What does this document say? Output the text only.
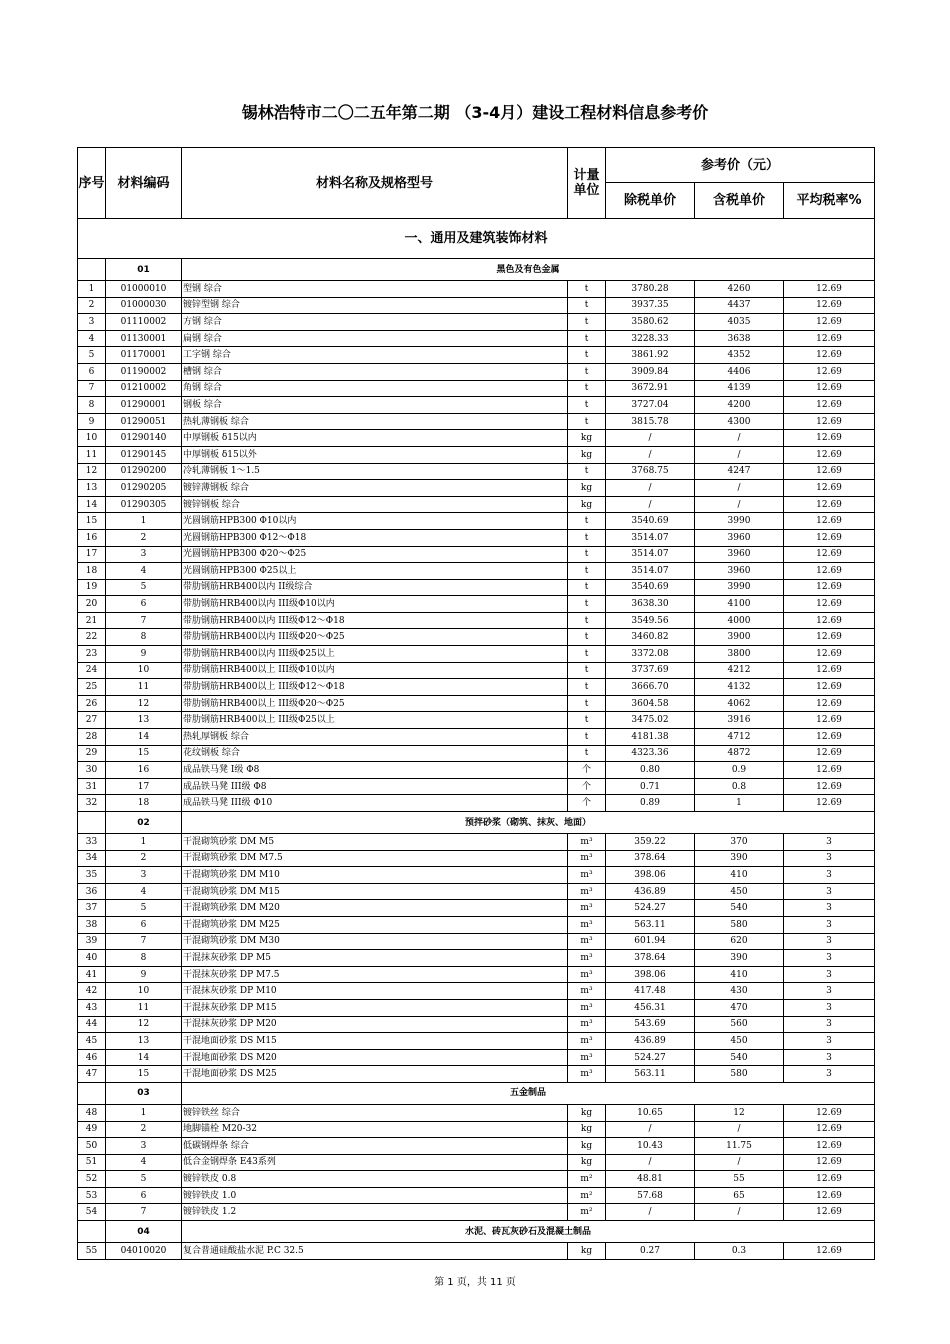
锡林浩特市二〇二五年第二期 （3-4月）建设工程材料信息参考价
序号	材料编码	材料名称及规格型号	计量单位	参考价（元）		
				除税单价	含税单价	平均税率%
一、通用及建筑装饰材料						
	01	黑色及有色金属				
1	01000010	型钢 综合	t	3780.28	4260	12.69
2	01000030	镀锌型钢 综合	t	3937.35	4437	12.69
3	01110002	方钢 综合	t	3580.62	4035	12.69
4	01130001	扁钢 综合	t	3228.33	3638	12.69
5	01170001	工字钢 综合	t	3861.92	4352	12.69
6	01190002	槽钢 综合	t	3909.84	4406	12.69
7	01210002	角钢 综合	t	3672.91	4139	12.69
8	01290001	钢板 综合	t	3727.04	4200	12.69
9	01290051	热轧薄钢板 综合	t	3815.78	4300	12.69
10	01290140	中厚钢板 δ15以内	kg	/	/	12.69
11	01290145	中厚钢板 δ15以外	kg	/	/	12.69
12	01290200	冷轧薄钢板 1～1.5	t	3768.75	4247	12.69
13	01290205	镀锌薄钢板 综合	kg	/	/	12.69
14	01290305	镀锌钢板 综合	kg	/	/	12.69
15	1	光圆钢筋HPB300 Φ10以内	t	3540.69	3990	12.69
16	2	光圆钢筋HPB300 Φ12～Φ18	t	3514.07	3960	12.69
17	3	光圆钢筋HPB300 Φ20～Φ25	t	3514.07	3960	12.69
18	4	光圆钢筋HPB300 Φ25以上	t	3514.07	3960	12.69
19	5	带肋钢筋HRB400以内 II级综合	t	3540.69	3990	12.69
20	6	带肋钢筋HRB400以内 III级Φ10以内	t	3638.30	4100	12.69
21	7	带肋钢筋HRB400以内 III级Φ12～Φ18	t	3549.56	4000	12.69
22	8	带肋钢筋HRB400以内 III级Φ20～Φ25	t	3460.82	3900	12.69
23	9	带肋钢筋HRB400以内 III级Φ25以上	t	3372.08	3800	12.69
24	10	带肋钢筋HRB400以上 III级Φ10以内	t	3737.69	4212	12.69
25	11	带肋钢筋HRB400以上 III级Φ12～Φ18	t	3666.70	4132	12.69
26	12	带肋钢筋HRB400以上 III级Φ20～Φ25	t	3604.58	4062	12.69
27	13	带肋钢筋HRB400以上 III级Φ25以上	t	3475.02	3916	12.69
28	14	热轧厚钢板 综合	t	4181.38	4712	12.69
29	15	花纹钢板 综合	t	4323.36	4872	12.69
30	16	成品铁马凳 I级 Φ8	个	0.80	0.9	12.69
31	17	成品铁马凳 III级 Φ8	个	0.71	0.8	12.69
32	18	成品铁马凳 III级 Φ10	个	0.89	1	12.69
	02	预拌砂浆（砌筑、抹灰、地面）				
33	1	干混砌筑砂浆 DM M5	m³	359.22	370	3
34	2	干混砌筑砂浆 DM M7.5	m³	378.64	390	3
35	3	干混砌筑砂浆 DM M10	m³	398.06	410	3
36	4	干混砌筑砂浆 DM M15	m³	436.89	450	3
37	5	干混砌筑砂浆 DM M20	m³	524.27	540	3
38	6	干混砌筑砂浆 DM M25	m³	563.11	580	3
39	7	干混砌筑砂浆 DM M30	m³	601.94	620	3
40	8	干混抹灰砂浆 DP M5	m³	378.64	390	3
41	9	干混抹灰砂浆 DP M7.5	m³	398.06	410	3
42	10	干混抹灰砂浆 DP M10	m³	417.48	430	3
43	11	干混抹灰砂浆 DP M15	m³	456.31	470	3
44	12	干混抹灰砂浆 DP M20	m³	543.69	560	3
45	13	干混地面砂浆 DS M15	m³	436.89	450	3
46	14	干混地面砂浆 DS M20	m³	524.27	540	3
47	15	干混地面砂浆 DS M25	m³	563.11	580	3
	03	五金制品				
48	1	镀锌铁丝 综合	kg	10.65	12	12.69
49	2	地脚锚栓 M20-32	kg	/	/	12.69
50	3	低碳钢焊条 综合	kg	10.43	11.75	12.69
51	4	低合金钢焊条 E43系列	kg	/	/	12.69
52	5	镀锌铁皮 0.8	m²	48.81	55	12.69
53	6	镀锌铁皮 1.0	m²	57.68	65	12.69
54	7	镀锌铁皮 1.2	m²	/	/	12.69
	04	水泥、砖瓦灰砂石及混凝土制品				
55	04010020	复合普通硅酸盐水泥 P.C 32.5	kg	0.27	0.3	12.69
第 1 页，共 11 页
